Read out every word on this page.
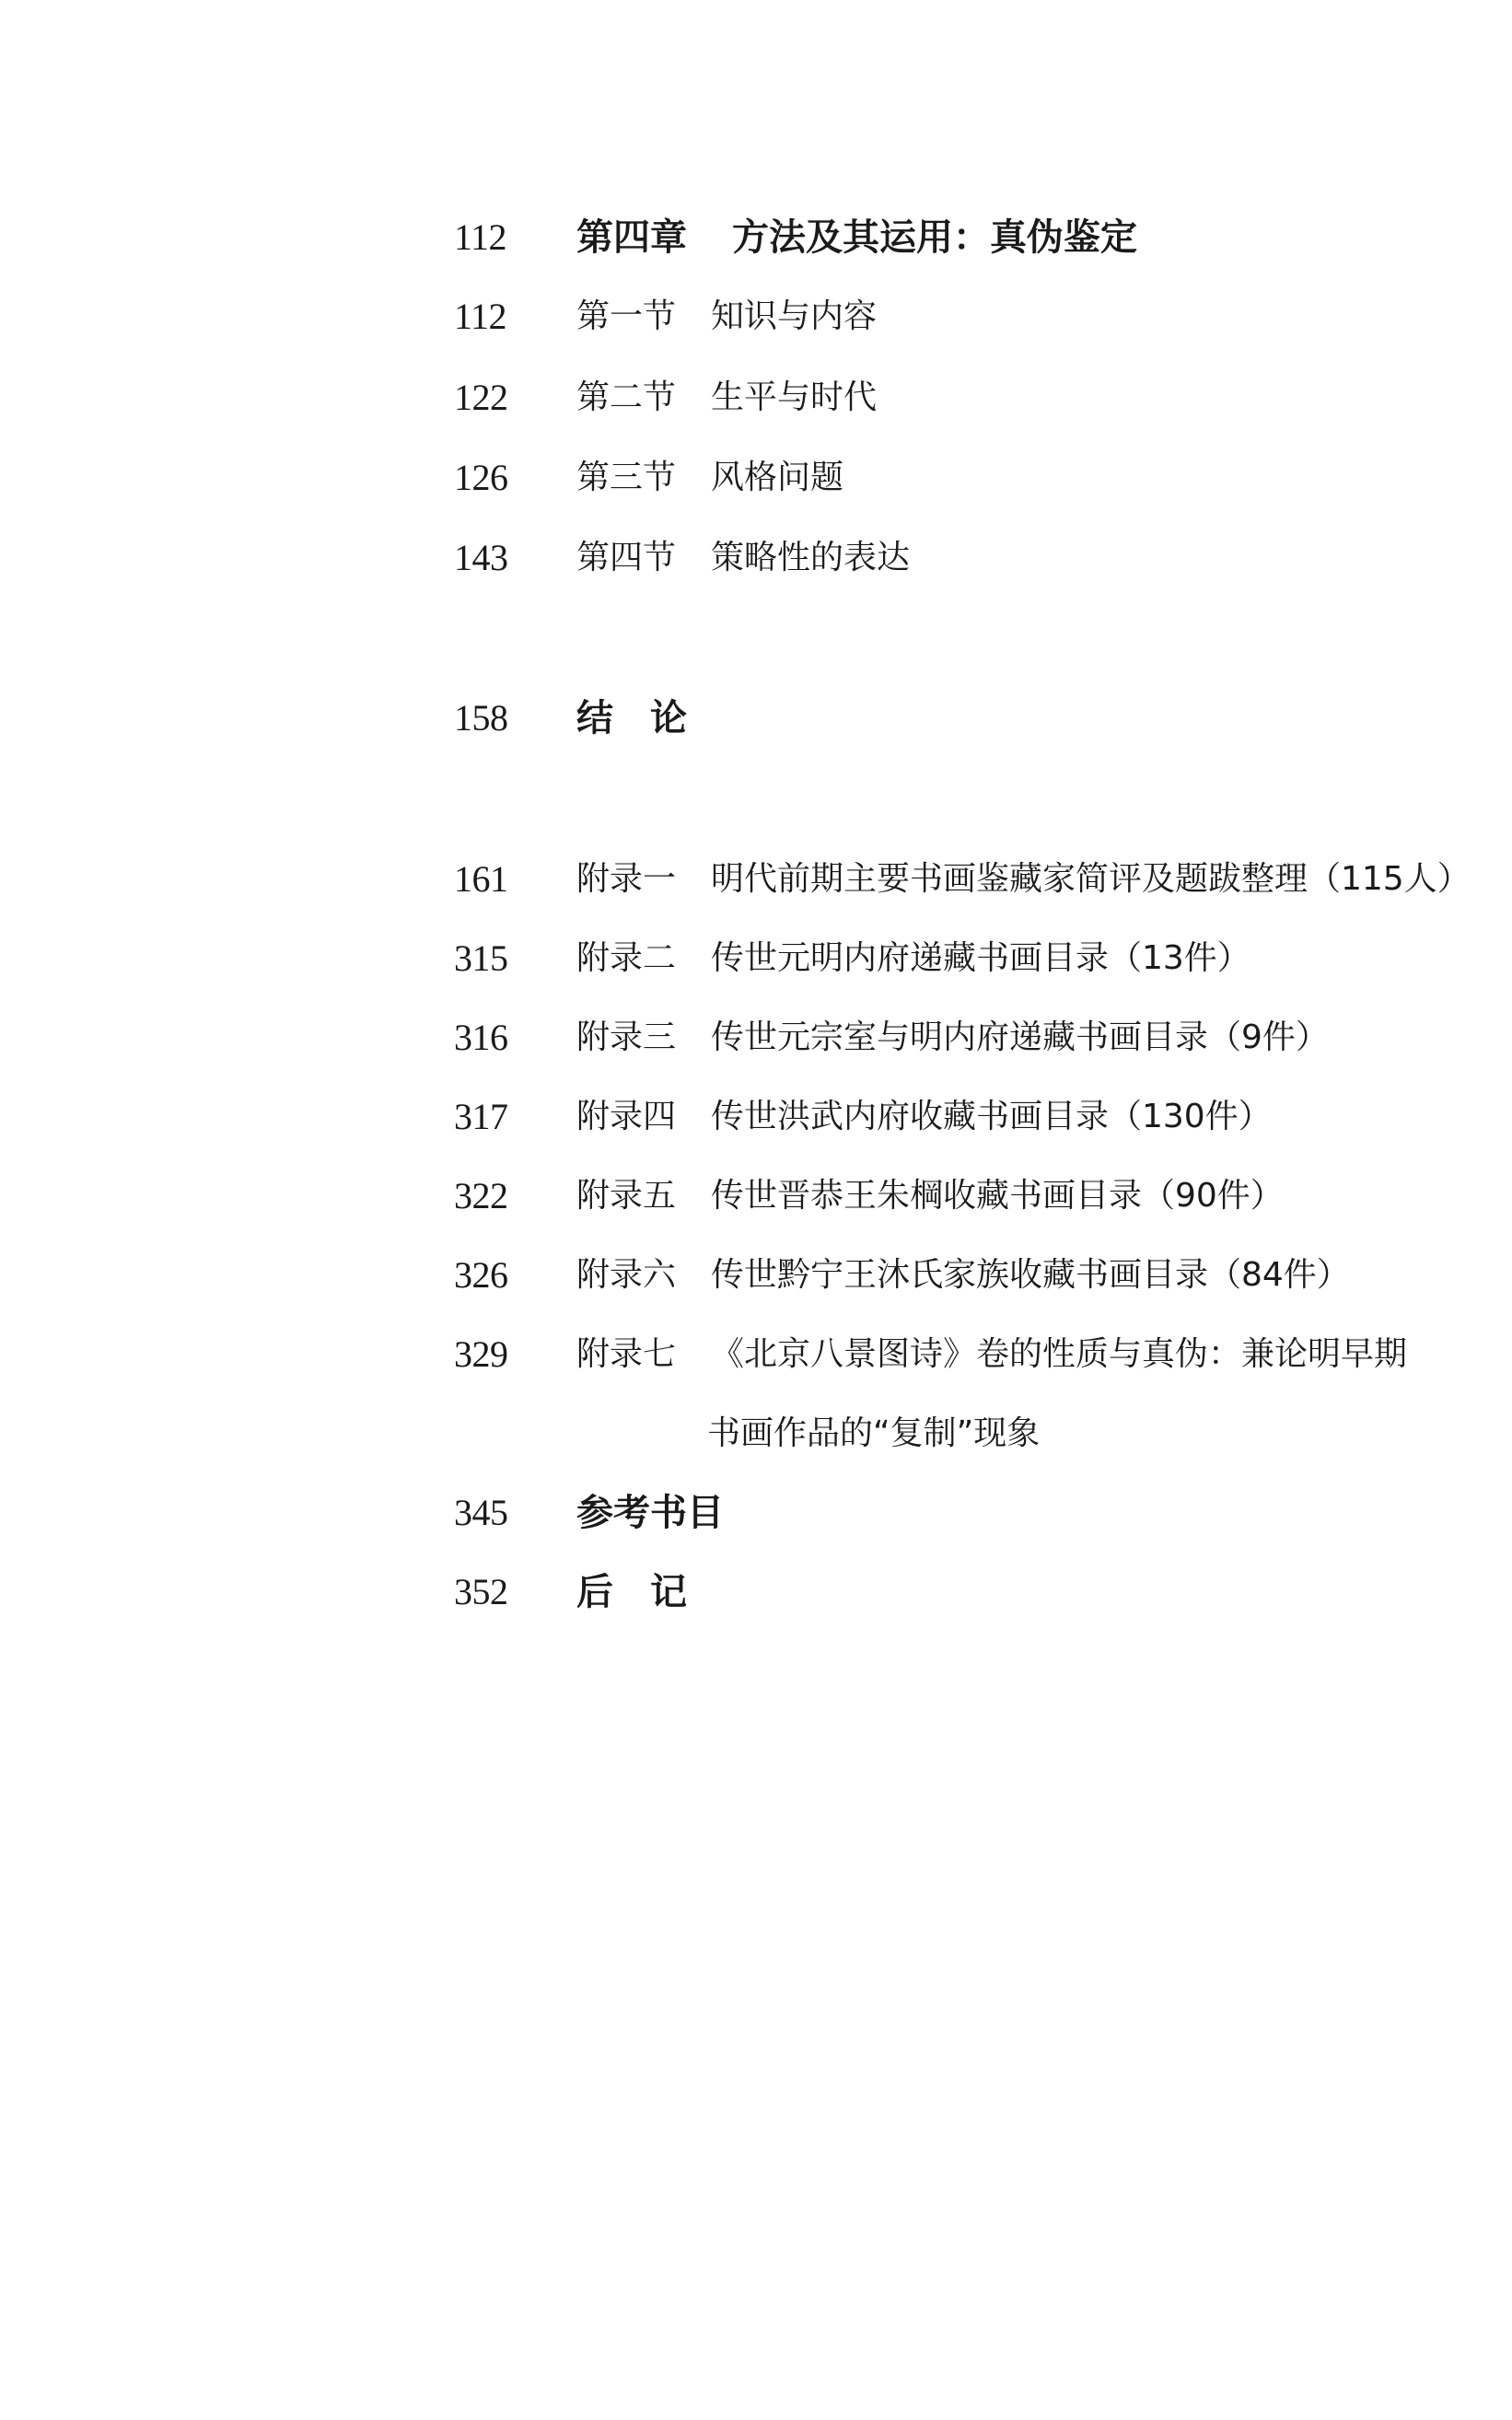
112 第四章 方法及其运用：真伪鉴定
112 第一节 知识与内容
122 第二节 生平与时代
126 第三节 风格问题
143 第四节 策略性的表达
158 结　论
161 附录一 明代前期主要书画鉴藏家简评及题跋整理（115人）
315 附录二 传世元明内府递藏书画目录（13件）
316 附录三 传世元宗室与明内府递藏书画目录（9件）
317 附录四 传世洪武内府收藏书画目录（130件）
322 附录五 传世晋恭王朱棡收藏书画目录（90件）
326 附录六 传世黔宁王沐氏家族收藏书画目录（84件）
329 附录七 《北京八景图诗》卷的性质与真伪：兼论明早期
书画作品的“复制”现象
345 参考书目
352 后　记
